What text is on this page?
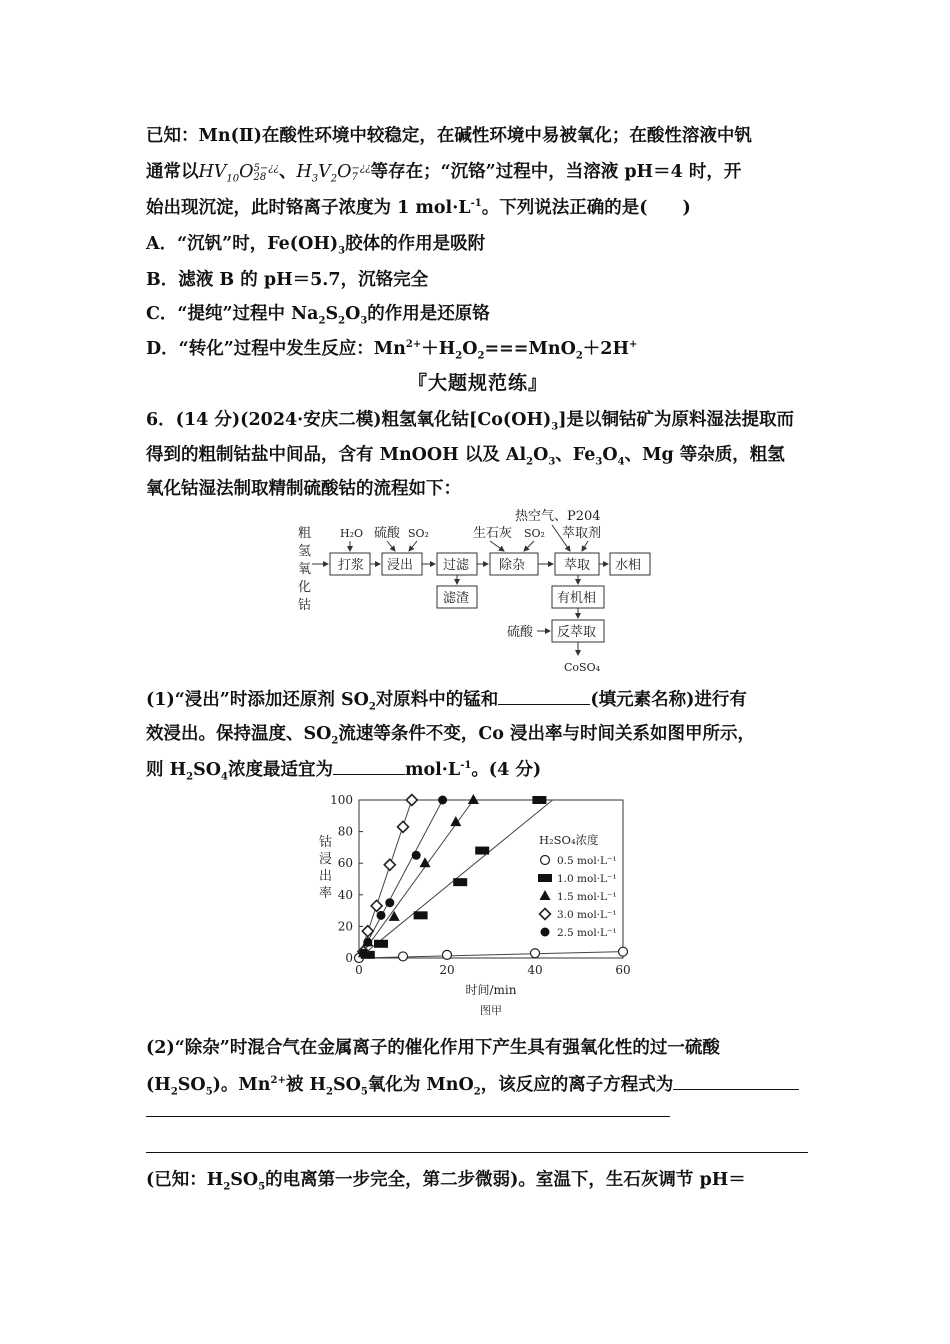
已知：Mn(Ⅱ)在酸性环境中较稳定，在碱性环境中易被氧化；在酸性溶液中钒
通常以$HV_{10}O$ 5−¿¿
28 、$H_3V_2O$ −¿¿
7 等存在；“沉铬”过程中，当溶液 pH＝4 时，开
始出现沉淀，此时铬离子浓度为 1 $mol\cdot L^{-1}$。下列说法正确的是(　　)
A．“沉钒”时，$Fe(OH)_3$胶体的作用是吸附
B．滤液 B 的 pH＝5.7，沉铬完全
C．“提纯”过程中 $Na_2S_2O_3$的作用是还原铬
D．“转化”过程中发生反应：$Mn^{2+}+H_2O_2===MnO_2+2H^+$
『大题规范练』
6．(14 分)(2024·安庆二模)粗氢氧化钴$[Co(OH)_3]$是以铜钴矿为原料湿法提取而
得到的粗制钴盐中间品，含有 MnOOH 以及 $Al_2O_3$、$Fe_3O_4$、Mg 等杂质，粗氢
氧化钴湿法制取精制硫酸钴的流程如下：
粗
氢
氧
化
钴
H₂O 硫酸 SO₂	生石灰 SO₂
热空气、P204
萃取剂
打浆 浸出 过滤
滤渣
除杂	萃取 水相
有机相
硫酸 反萃取
CoSO₄
(1)“浸出”时添加还原剂 $SO_2$对原料中的锰和	(填元素名称)进行有
效浸出。保持温度、$SO_2$流速等条件不变，Co 浸出率与时间关系如图甲所示，
则 $H_2SO_4$浓度最适宜为	$mol\cdot L^{-1}$。(4 分)
0	20	40	60
0
20
40
60
80
100
时间/min
图甲
钴
浸
出
率
H₂SO₄浓度
0.5 mol·L⁻¹
1.0 mol·L⁻¹
1.5 mol·L⁻¹
3.0 mol·L⁻¹
2.5 mol·L⁻¹
(2)“除杂”时混合气在金属离子的催化作用下产生具有强氧化性的过一硫酸
$(H_2SO_5)$。$Mn^{2+}$被 $H_2SO_5$氧化为 MnO$_2$，该反应的离子方程式为
(已知：$H_2SO_5$的电离第一步完全，第二步微弱)。室温下，生石灰调节 pH＝
